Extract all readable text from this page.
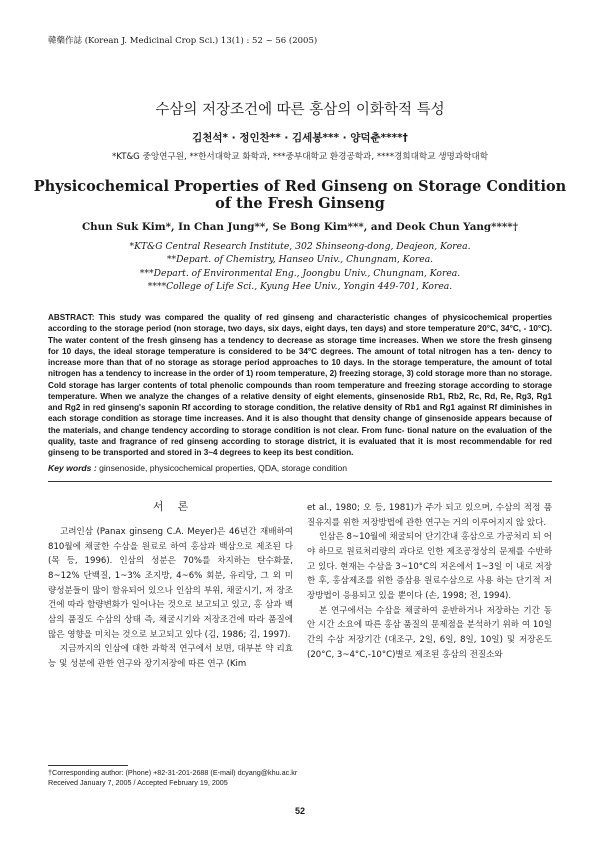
韓藥作誌 (Korean J. Medicinal Crop Sci.) 13(1) : 52 ~ 56 (2005)
수삼의 저장조건에 따른 홍삼의 이화학적 특성
김천석* · 정인찬** · 김세봉*** · 양덕춘****†
*KT&G 중앙연구원, **한서대학교 화학과, ***중부대학교 환경공학과, ****경희대학교 생명과학대학
Physicochemical Properties of Red Ginseng on Storage Condition
of the Fresh Ginseng
Chun Suk Kim*, In Chan Jung**, Se Bong Kim***, and Deok Chun Yang****†
*KT&G Central Research Institute, 302 Shinseong-dong, Deajeon, Korea.
**Depart. of Chemistry, Hanseo Univ., Chungnam, Korea.
***Depart. of Environmental Eng., Joongbu Univ., Chungnam, Korea.
****College of Life Sci., Kyung Hee Univ., Yongin 449-701, Korea.
ABSTRACT: This study was compared the quality of red ginseng and characteristic changes of physicochemical properties according to the storage period (non storage, two days, six days, eight days, ten days) and store temperature 20°C, 34°C, - 10°C). The water content of the fresh ginseng has a tendency to decrease as storage time increases. When we store the fresh ginseng for 10 days, the ideal storage temperature is considered to be 34°C degrees. The amount of total nitrogen has a ten- dency to increase more than that of no storage as storage period approaches to 10 days. In the storage temperature, the amount of total nitrogen has a tendency to increase in the order of 1) room temperature, 2) freezing storage, 3) cold storage more than no storage. Cold storage has larger contents of total phenolic compounds than room temperature and freezing storage according to storage temperature. When we analyze the changes of a relative density of eight elements, ginsenoside Rb1, Rb2, Rc, Rd, Re, Rg3, Rg1 and Rg2 in red ginseng's saponin Rf according to storage condition, the relative density of Rb1 and Rg1 against Rf diminishes in each storage condition as storage time increases. And it is also thought that density change of ginsenoside appears because of the materials, and change tendency according to storage condition is not clear. From func- tional nature on the evaluation of the quality, taste and fragrance of red ginseng according to storage district, it is evaluated that it is most recommendable for red ginseng to be transported and stored in 3~4 degrees to keep its best condition.
Key words : ginsenoside, physicochemical properties, QDA, storage condition
서론

고려인삼 (Panax ginseng C.A. Meyer)은 46년간 재배하여 810월에 채굴한 수삼을 원료로 하여 홍삼과 백삼으로 제조된 다 (목 등, 1996). 인삼의 성분은 70%를 차지하는 탄수화물, 8~12% 단백질, 1~3% 조지방, 4~6% 회분, 유리당, 그 외 미 량성분들이 많이 함유되어 있으나 인삼의 부위, 채굴시기, 저 장조건에 따라 함량변화가 일어나는 것으로 보고되고 있고, 홍 삼과 백삼의 품질도 수삼의 상태 즉, 채굴시기와 저장조건에 따라 품질에 많은 영향을 미치는 것으로 보고되고 있다 (김, 1986; 김, 1997).

지금까지의 인삼에 대한 과학적 연구에서 보면, 대부분 약 리효능 및 성분에 관한 연구와 장기저장에 따른 연구 (Kim

et al., 1980; 오 등, 1981)가 주가 되고 있으며, 수삼의 적정 품질유지를 위한 저장방법에 관한 연구는 거의 이루어지지 않 았다.

인삼은 8~10월에 채굴되어 단기간내 홍삼으로 가공처리 되 어야 하므로 원료처리량의 과다로 인한 제조공정상의 문제를 수반하고 있다. 현재는 수삼을 3~10°C의 저온에서 1~3일 이 내로 저장한 후, 홍삼제조를 위한 증삼용 원료수삼으로 사용 하는 단기적 저장방법이 응용되고 있을 뿐이다 (손, 1998; 전, 1994).

본 연구에서는 수삼을 채굴하여 운반하거나 저장하는 기간 동안 시간 소요에 따른 홍삼 품질의 문제점을 분석하기 위하 여 10일간의 수삼 저장기간 (대조구, 2일, 6일, 8일, 10일) 및 저장온도 (20°C, 3~4°C,-10°C)별로 제조된 홍삼의 전질소와

†Corresponding author: (Phone) +82-31-201-2688 (E-mail) dcyang@khu.ac.kr
Received January 7, 2005 / Accepted February 19, 2005
52
